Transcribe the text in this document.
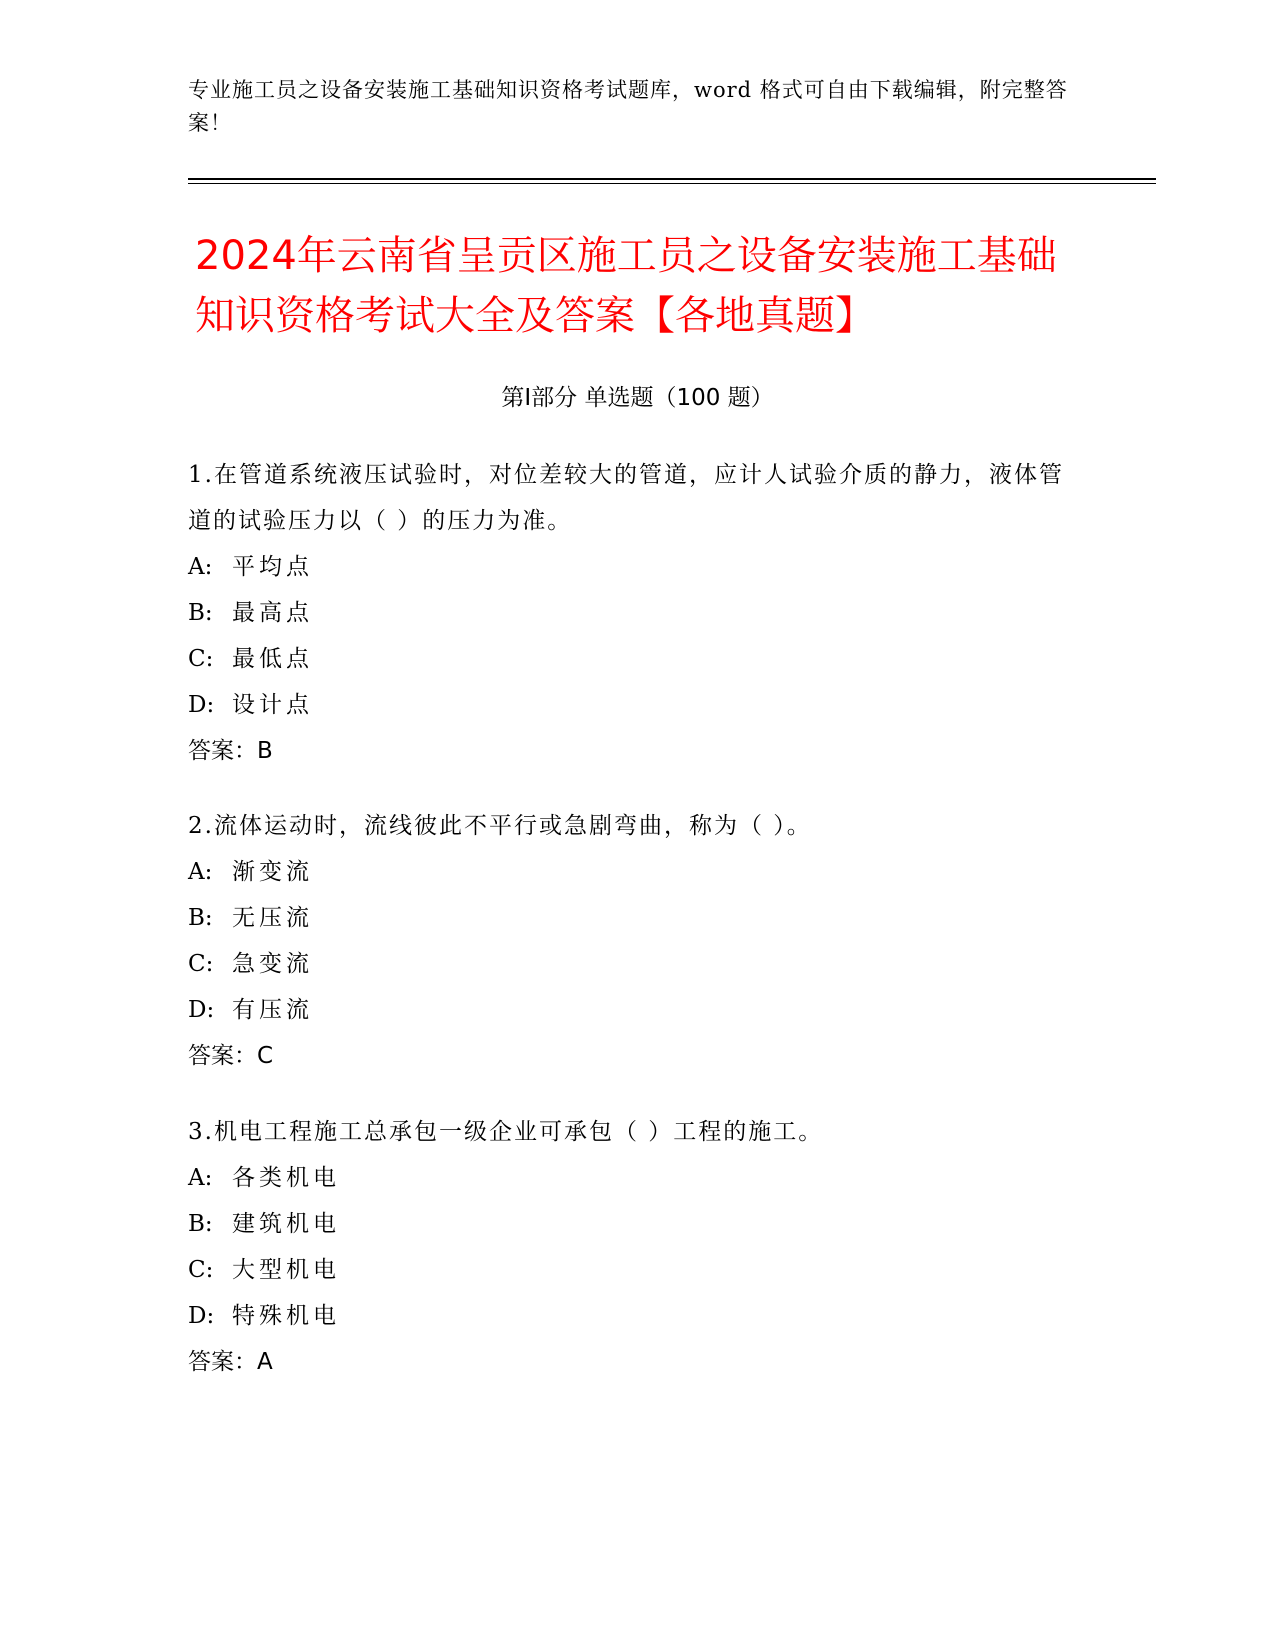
专业施工员之设备安装施工基础知识资格考试题库，word 格式可自由下载编辑，附完整答案！
2024年云南省呈贡区施工员之设备安装施工基础知识资格考试大全及答案【各地真题】
第Ⅰ部分 单选题（100 题）
1.在管道系统液压试验时，对位差较大的管道，应计人试验介质的静力，液体管道的试验压力以（ ）的压力为准。
A: 平均点
B: 最高点
C: 最低点
D: 设计点
答案：B
2.流体运动时，流线彼此不平行或急剧弯曲，称为（ ）。
A: 渐变流
B: 无压流
C: 急变流
D: 有压流
答案：C
3.机电工程施工总承包一级企业可承包（ ）工程的施工。
A: 各类机电
B: 建筑机电
C: 大型机电
D: 特殊机电
答案：A
